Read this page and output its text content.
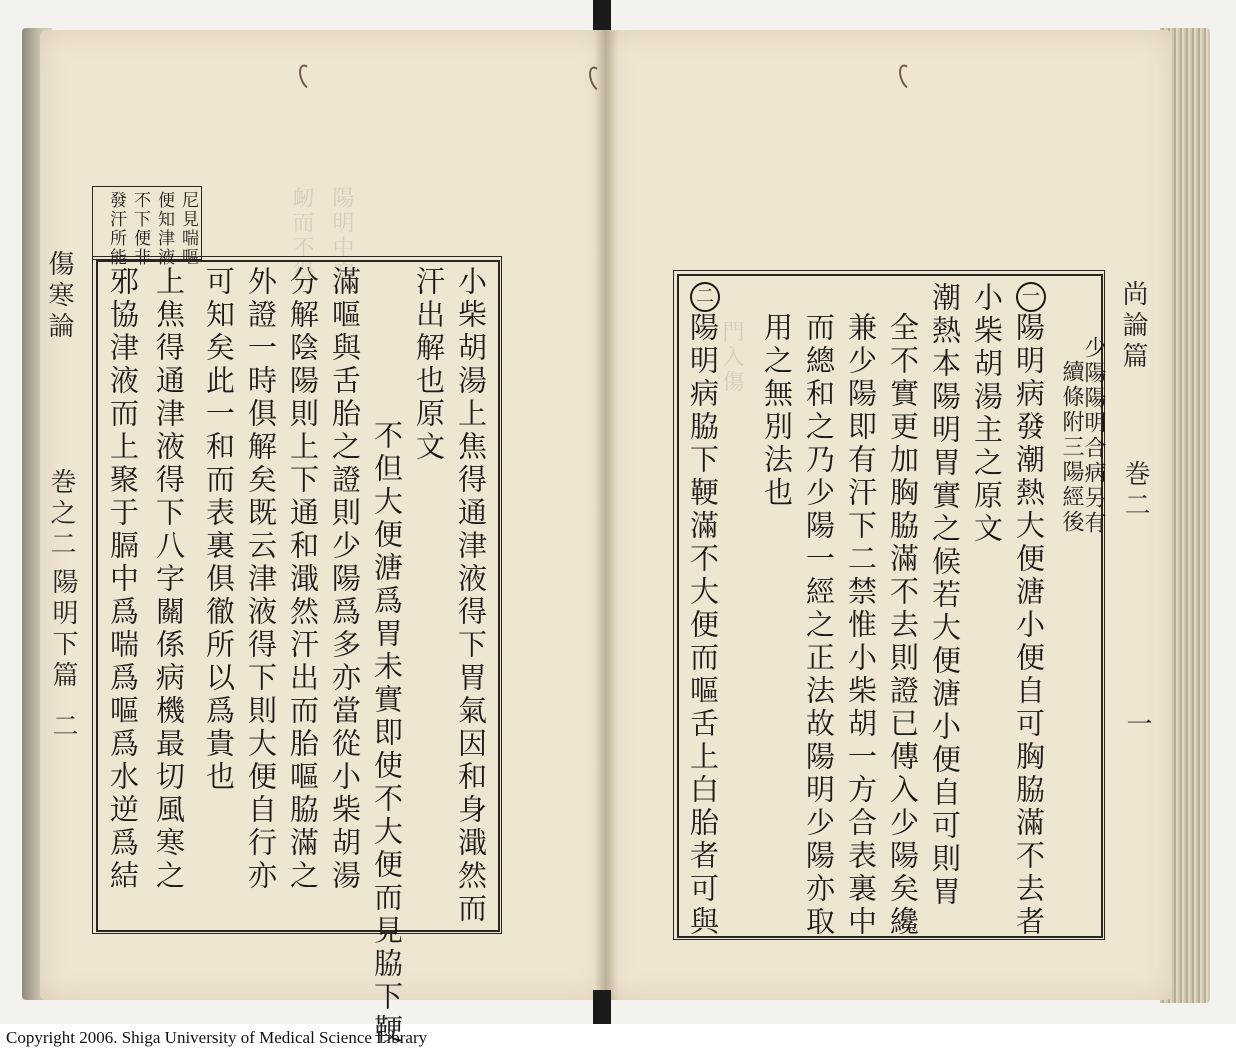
衂而不得 陽明中寒
門入傷
傷寒論
巻之二
陽明下篇
二
尼見喘嘔
便知津液
不下便非
發汗所能
小柴胡湯上焦得通津液得下胃氣因和身濈然而
汗出解也原文
不但大便溏爲胃未實即使不大便而見脇下鞕
滿嘔與舌胎之證則少陽爲多亦當從小柴胡湯
分解陰陽則上下通和濈然汗出而胎嘔脇滿之
外證一時俱解矣既云津液得下則大便自行亦
可知矣此一和而表裏俱徹所以爲貴也
上焦得通津液得下八字關係病機最切風寒之
邪協津液而上聚于膈中爲喘爲嘔爲水逆爲結	尚論篇
巻二
一
少陽陽明合病另有
續條附三陽經後
一
陽明病發潮熱大便溏小便自可胸脇滿不去者
小柴胡湯主之原文
潮熱本陽明胃實之候若大便溏小便自可則胃
全不實更加胸脇滿不去則證已傳入少陽矣纔
兼少陽即有汗下二禁惟小柴胡一方合表裏中
而總和之乃少陽一經之正法故陽明少陽亦取
用之無別法也
二
陽明病脇下鞕滿不大便而嘔舌上白胎者可與
Copyright 2006. Shiga University of Medical Science Library
